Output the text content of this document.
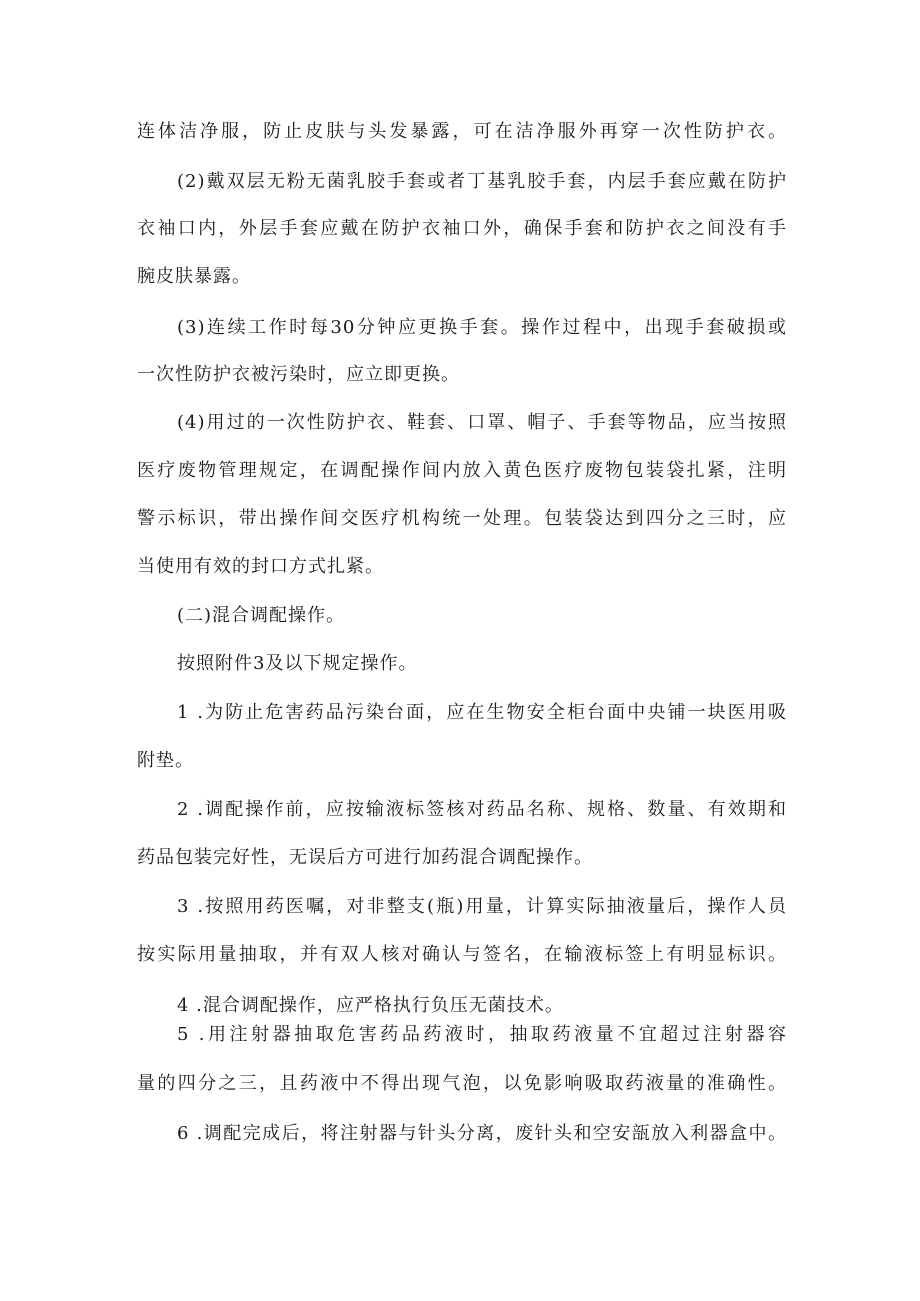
连体洁净服，防止皮肤与头发暴露，可在洁净服外再穿一次性防护衣。
(2)戴双层无粉无菌乳胶手套或者丁基乳胶手套，内层手套应戴在防护
衣袖口内，外层手套应戴在防护衣袖口外，确保手套和防护衣之间没有手
腕皮肤暴露。
(3)连续工作时每30分钟应更换手套。操作过程中，出现手套破损或
一次性防护衣被污染时，应立即更换。
(4)用过的一次性防护衣、鞋套、口罩、帽子、手套等物品，应当按照
医疗废物管理规定，在调配操作间内放入黄色医疗废物包装袋扎紧，注明
警示标识，带出操作间交医疗机构统一处理。包装袋达到四分之三时，应
当使用有效的封口方式扎紧。
(二)混合调配操作。
按照附件3及以下规定操作。
1 .为防止危害药品污染台面，应在生物安全柜台面中央铺一块医用吸
附垫。
2 .调配操作前，应按输液标签核对药品名称、规格、数量、有效期和
药品包装完好性，无误后方可进行加药混合调配操作。
3 .按照用药医嘱，对非整支(瓶)用量，计算实际抽液量后，操作人员
按实际用量抽取，并有双人核对确认与签名，在输液标签上有明显标识。
4 .混合调配操作，应严格执行负压无菌技术。
5 .用注射器抽取危害药品药液时，抽取药液量不宜超过注射器容
量的四分之三，且药液中不得出现气泡，以免影响吸取药液量的准确性。
6 .调配完成后，将注射器与针头分离，废针头和空安瓿放入利器盒中。
